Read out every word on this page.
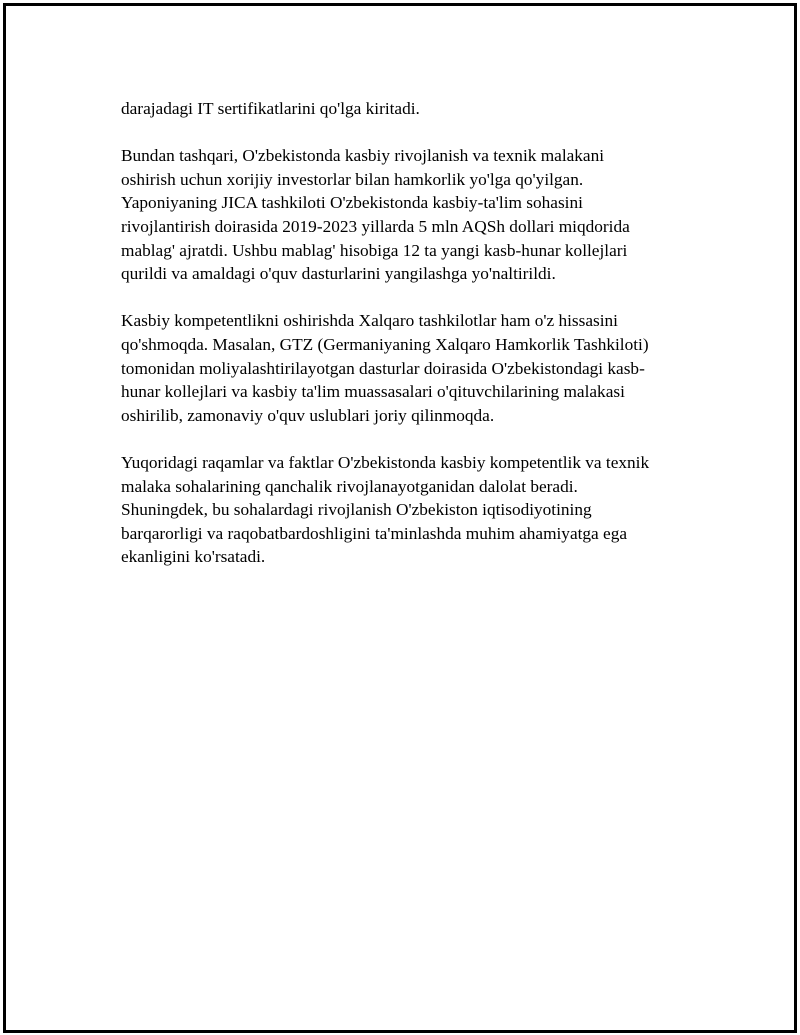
darajadagi IT sertifikatlarini qo'lga kiritadi.

Bundan tashqari, O'zbekistonda kasbiy rivojlanish va texnik malakani
oshirish uchun xorijiy investorlar bilan hamkorlik yo'lga qo'yilgan.
Yaponiyaning JICA tashkiloti O'zbekistonda kasbiy-ta'lim sohasini
rivojlantirish doirasida 2019-2023 yillarda 5 mln AQSh dollari miqdorida
mablag' ajratdi. Ushbu mablag' hisobiga 12 ta yangi kasb-hunar kollejlari
qurildi va amaldagi o'quv dasturlarini yangilashga yo'naltirildi.

Kasbiy kompetentlikni oshirishda Xalqaro tashkilotlar ham o'z hissasini
qo'shmoqda. Masalan, GTZ (Germaniyaning Xalqaro Hamkorlik Tashkiloti)
tomonidan moliyalashtirilayotgan dasturlar doirasida O'zbekistondagi kasb-
hunar kollejlari va kasbiy ta'lim muassasalari o'qituvchilarining malakasi
oshirilib, zamonaviy o'quv uslublari joriy qilinmoqda.

Yuqoridagi raqamlar va faktlar O'zbekistonda kasbiy kompetentlik va texnik
malaka sohalarining qanchalik rivojlanayotganidan dalolat beradi.
Shuningdek, bu sohalardagi rivojlanish O'zbekiston iqtisodiyotining
barqarorligi va raqobatbardoshligini ta'minlashda muhim ahamiyatga ega
ekanligini ko'rsatadi.
